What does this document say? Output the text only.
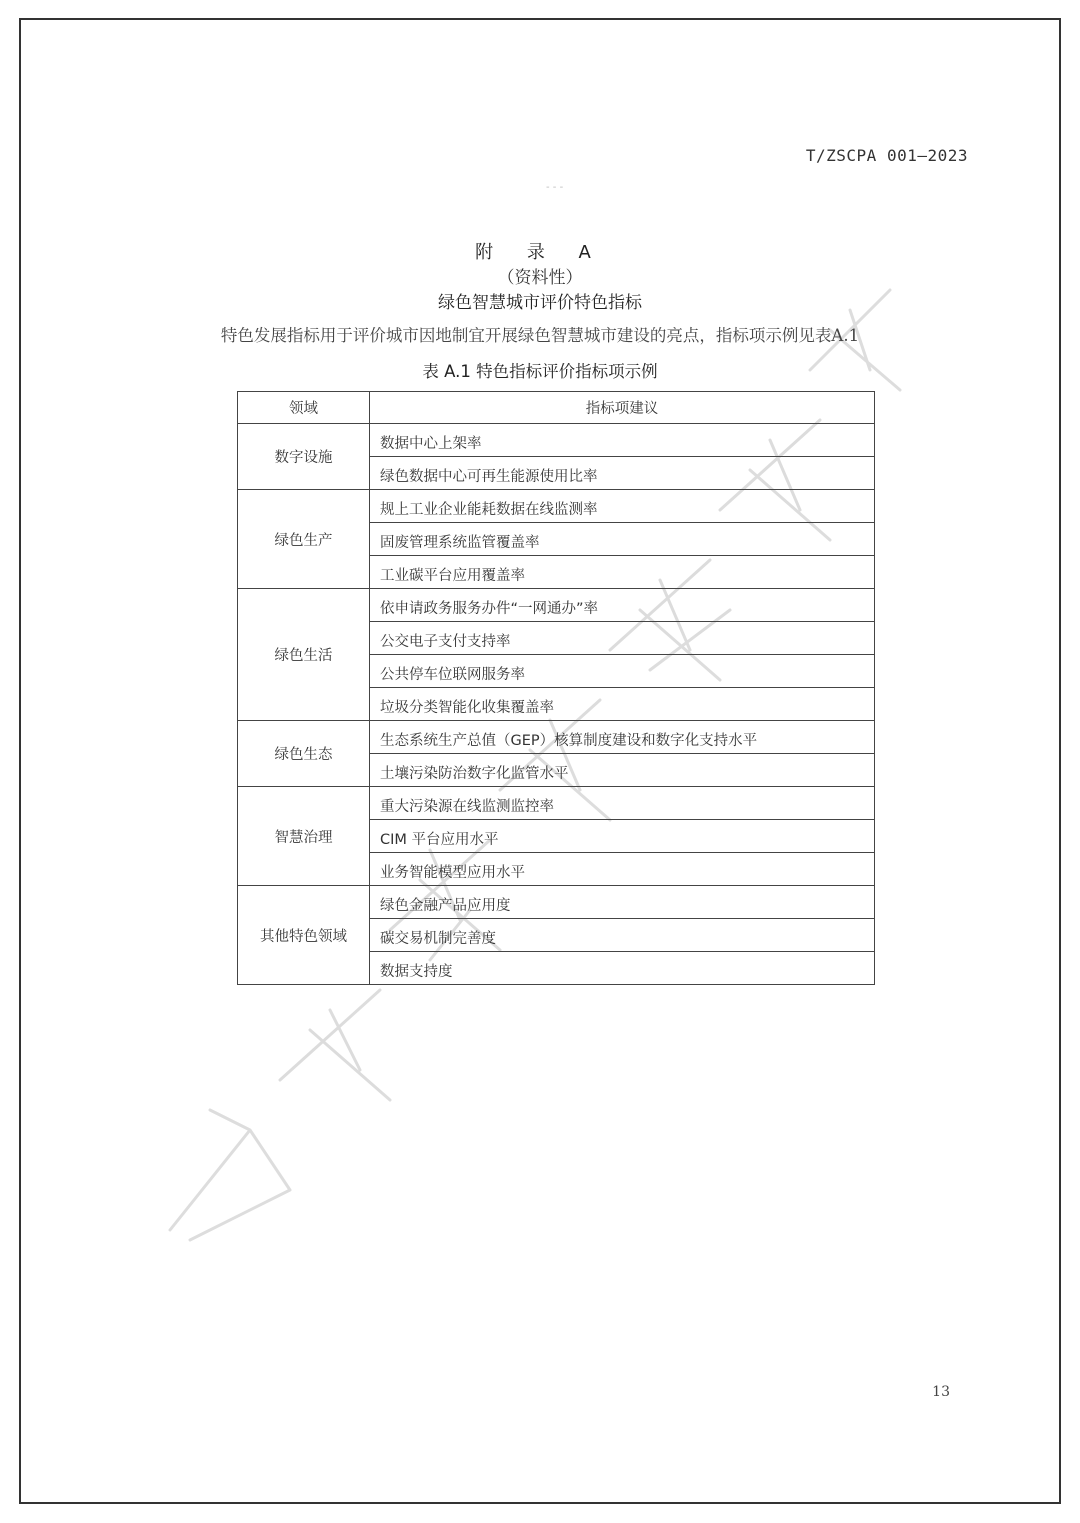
T/ZSCPA 001—2023
- - -
附 录 A
（资料性）
绿色智慧城市评价特色指标
特色发展指标用于评价城市因地制宜开展绿色智慧城市建设的亮点，指标项示例见表A.1
表 A.1 特色指标评价指标项示例
领域	指标项建议
数字设施	数据中心上架率
	绿色数据中心可再生能源使用比率
绿色生产	规上工业企业能耗数据在线监测率
	固废管理系统监管覆盖率
	工业碳平台应用覆盖率
绿色生活	依申请政务服务办件“一网通办”率
	公交电子支付支持率
	公共停车位联网服务率
	垃圾分类智能化收集覆盖率
绿色生态	生态系统生产总值（GEP）核算制度建设和数字化支持水平
	土壤污染防治数字化监管水平
智慧治理	重大污染源在线监测监控率
	CIM 平台应用水平
	业务智能模型应用水平
其他特色领域	绿色金融产品应用度
	碳交易机制完善度
	数据支持度
13
